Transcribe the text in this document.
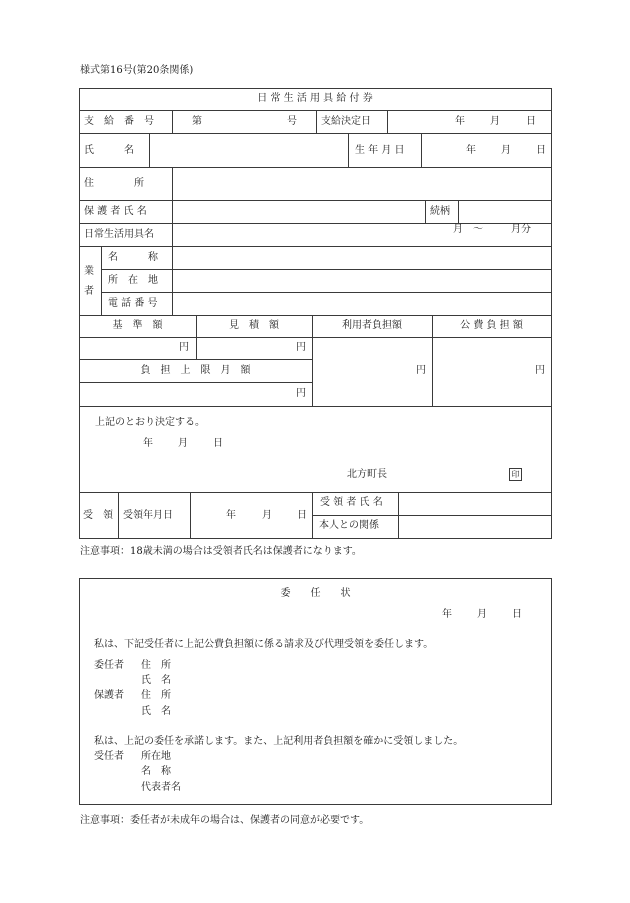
様式第16号(第20条関係)
日 常 生 活 用 具 給 付 券
支　給　番　号	第	号 支給決定日	年	月	日
氏　　　名	生 年 月 日	年	月	日
住　　　　所
保 護 者 氏 名	続柄
日常生活用具名	月　～	月分
業
者
名　　　称
所　在　地
電 話 番 号
基　準　額	見　積　額	利用者負担額	公 費 負 担 額
円	円
負　担　上　限　月　額
円
円	円
上記のとおり決定する。
年	月	日
北方町長	印
受　領 受領年月日	年	月	日
受 領 者 氏 名
本人との関係
注意事項：18歳未満の場合は受領者氏名は保護者になります。
委　　任　　状
年	月	日
私は、下記受任者に上記公費負担額に係る請求及び代理受領を委任します。
委任者 住　所
氏　名
保護者 住　所
氏　名
私は、上記の委任を承諾します。また、上記利用者負担額を確かに受領しました。
受任者 所在地
名　称
代表者名
注意事項：委任者が未成年の場合は、保護者の同意が必要です。
